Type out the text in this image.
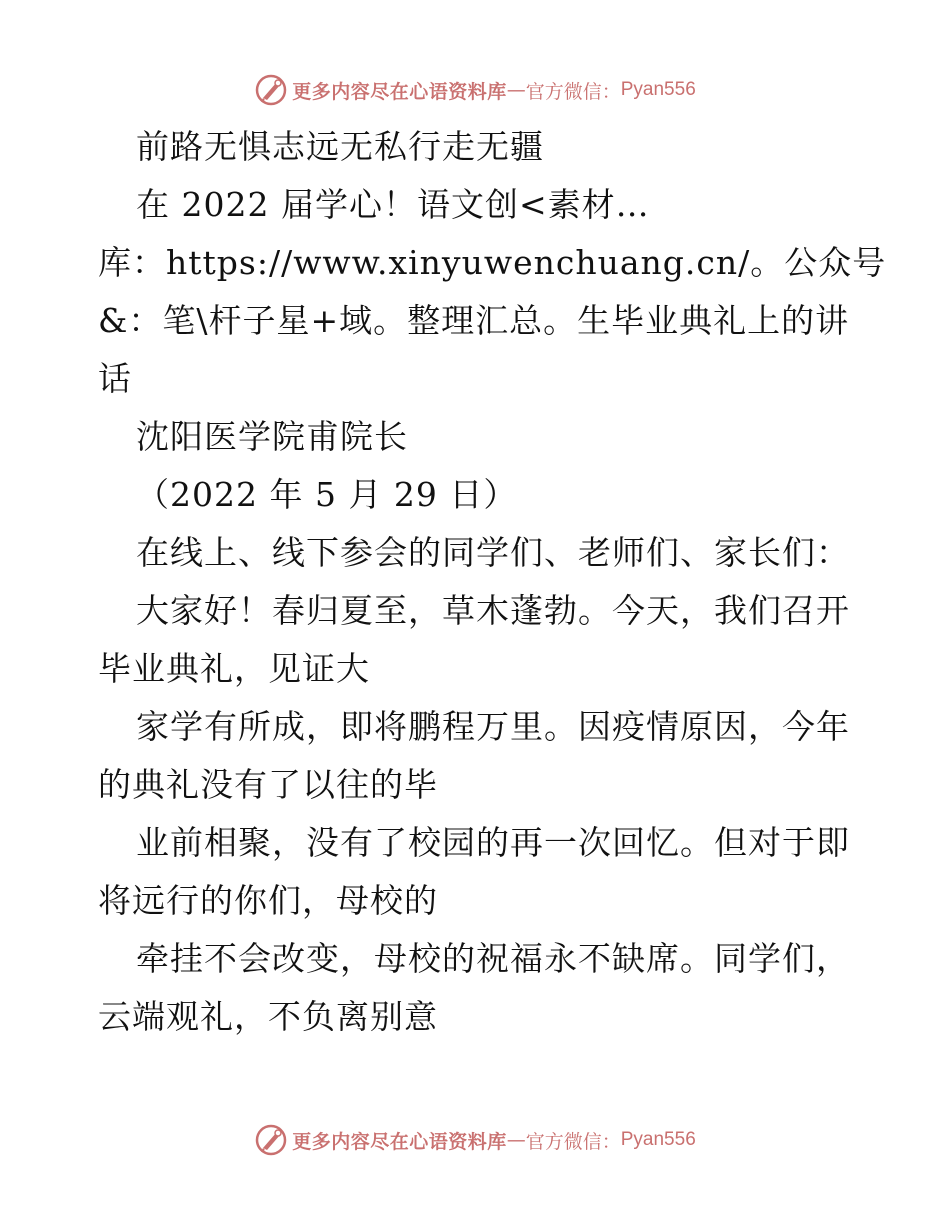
更多内容尽在心语资料库 — 官方微信： Pyan556
前路无惧志远无私行走无疆
在 2022 届学心！语文创<素材…
库：https://www.xinyuwenchuang.cn/。公众号
&：笔\杆子星+域。整理汇总。生毕业典礼上的讲
话
沈阳医学院甫院长
（2022 年 5 月 29 日）
在线上、线下参会的同学们、老师们、家长们：
大家好！春归夏至，草木蓬勃。今天，我们召开
毕业典礼，见证大
家学有所成，即将鹏程万里。因疫情原因，今年
的典礼没有了以往的毕
业前相聚，没有了校园的再一次回忆。但对于即
将远行的你们，母校的
牵挂不会改变，母校的祝福永不缺席。同学们，
云端观礼，不负离别意
更多内容尽在心语资料库 — 官方微信： Pyan556
